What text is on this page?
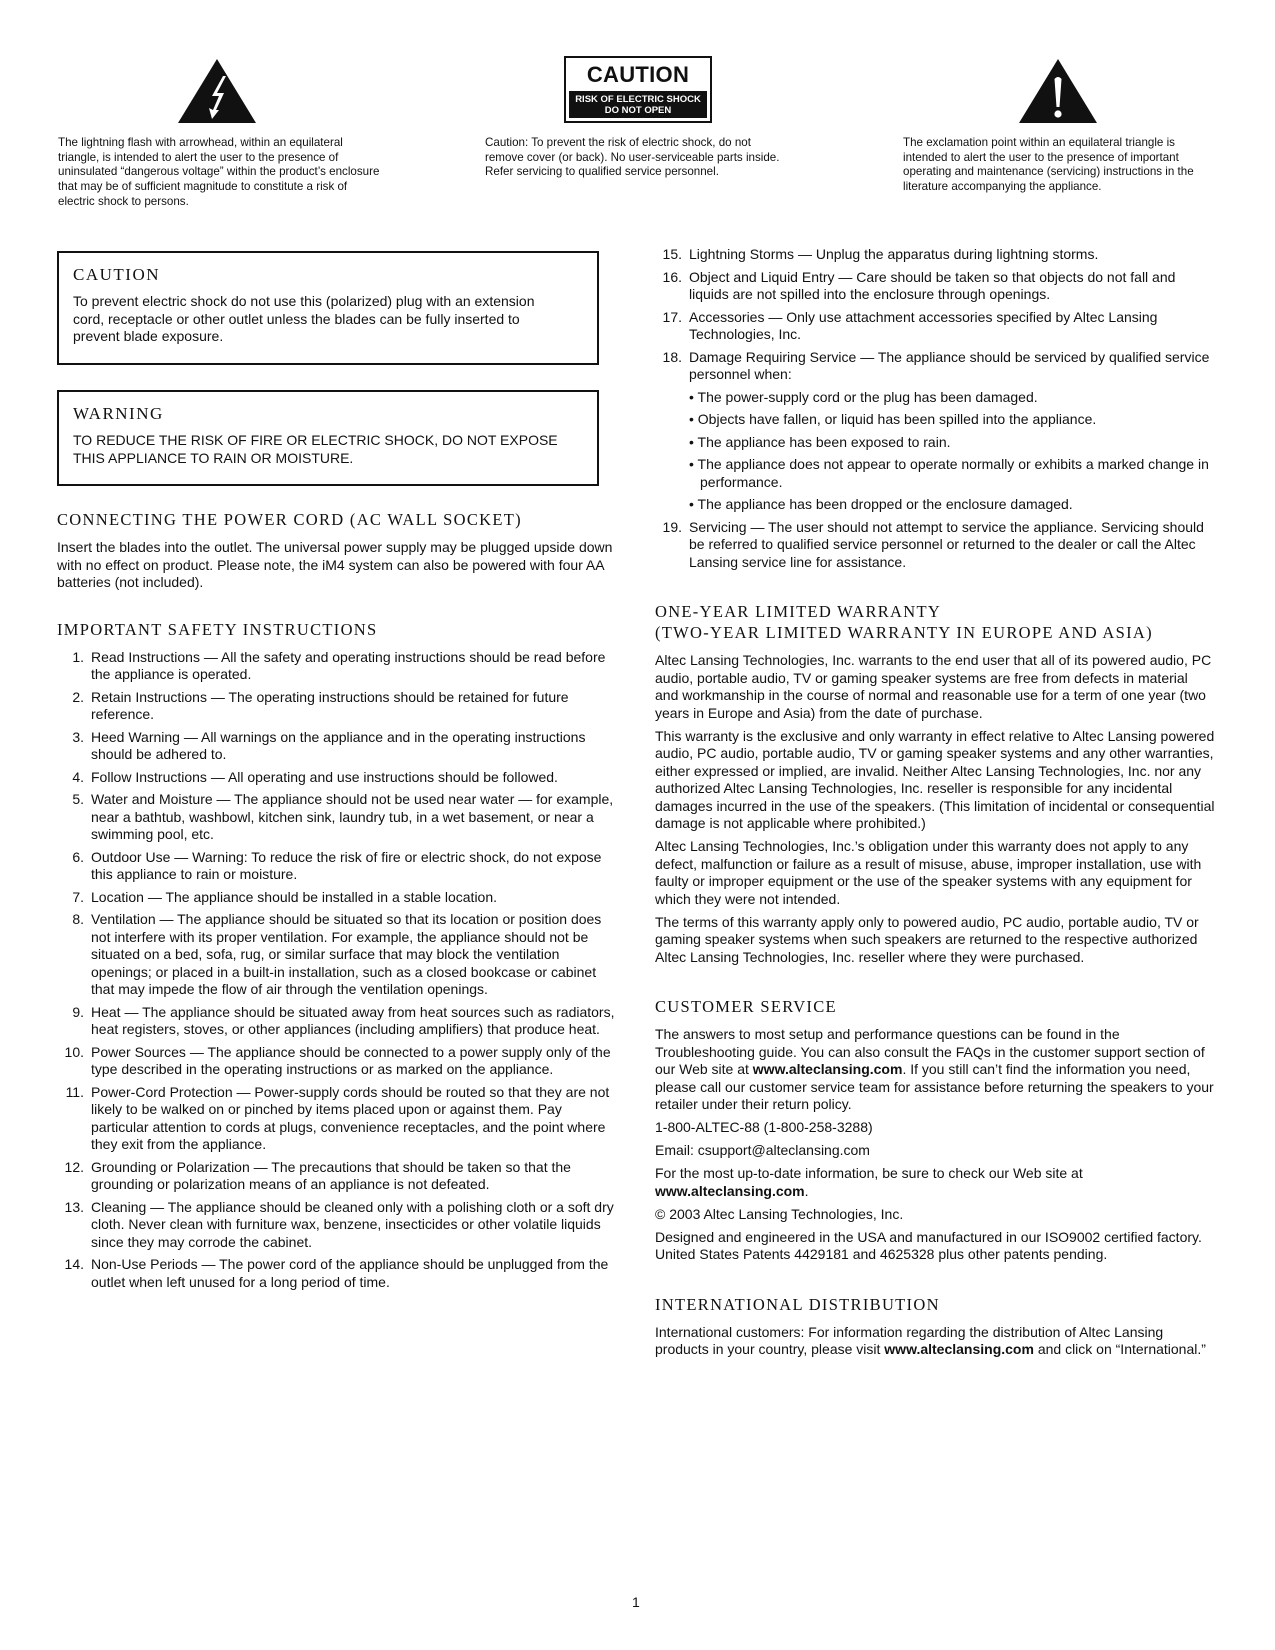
CAUTION
RISK OF ELECTRIC SHOCK
DO NOT OPEN

The lightning flash with arrowhead, within an equilateral triangle, is intended to alert the user to the presence of uninsulated “dangerous voltage” within the product’s enclosure that may be of sufficient magnitude to constitute a risk of electric shock to persons.

Caution: To prevent the risk of electric shock, do not remove cover (or back). No user-serviceable parts inside. Refer servicing to qualified service personnel.

The exclamation point within an equilateral triangle is intended to alert the user to the presence of important operating and maintenance (servicing) instructions in the literature accompanying the appliance.

CAUTION

To prevent electric shock do not use this (polarized) plug with an extension cord, receptacle or other outlet unless the blades can be fully inserted to prevent blade exposure.

WARNING

TO REDUCE THE RISK OF FIRE OR ELECTRIC SHOCK, DO NOT EXPOSE THIS APPLIANCE TO RAIN OR MOISTURE.

CONNECTING THE POWER CORD (AC WALL SOCKET)

Insert the blades into the outlet. The universal power supply may be plugged upside down with no effect on product. Please note, the iM4 system can also be powered with four AA batteries (not included).

IMPORTANT SAFETY INSTRUCTIONS
1. Read Instructions — All the safety and operating instructions should be read before the appliance is operated.
2. Retain Instructions — The operating instructions should be retained for future reference.
3. Heed Warning — All warnings on the appliance and in the operating instructions should be adhered to.
4. Follow Instructions — All operating and use instructions should be followed.
5. Water and Moisture — The appliance should not be used near water — for example, near a bathtub, washbowl, kitchen sink, laundry tub, in a wet basement, or near a swimming pool, etc.
6. Outdoor Use — Warning: To reduce the risk of fire or electric shock, do not expose this appliance to rain or moisture.
7. Location — The appliance should be installed in a stable location.
8. Ventilation — The appliance should be situated so that its location or position does not interfere with its proper ventilation. For example, the appliance should not be situated on a bed, sofa, rug, or similar surface that may block the ventilation openings; or placed in a built-in installation, such as a closed bookcase or cabinet that may impede the flow of air through the ventilation openings.
9. Heat — The appliance should be situated away from heat sources such as radiators, heat registers, stoves, or other appliances (including amplifiers) that produce heat.
10. Power Sources — The appliance should be connected to a power supply only of the type described in the operating instructions or as marked on the appliance.
11. Power-Cord Protection — Power-supply cords should be routed so that they are not likely to be walked on or pinched by items placed upon or against them. Pay particular attention to cords at plugs, convenience receptacles, and the point where they exit from the appliance.
12. Grounding or Polarization — The precautions that should be taken so that the grounding or polarization means of an appliance is not defeated.
13. Cleaning — The appliance should be cleaned only with a polishing cloth or a soft dry cloth. Never clean with furniture wax, benzene, insecticides or other volatile liquids since they may corrode the cabinet.
14. Non-Use Periods — The power cord of the appliance should be unplugged from the outlet when left unused for a long period of time.
15. Lightning Storms — Unplug the apparatus during lightning storms.
16. Object and Liquid Entry — Care should be taken so that objects do not fall and liquids are not spilled into the enclosure through openings.
17. Accessories — Only use attachment accessories specified by Altec Lansing Technologies, Inc.
18. Damage Requiring Service — The appliance should be serviced by qualified service personnel when:
• The power-supply cord or the plug has been damaged.
• Objects have fallen, or liquid has been spilled into the appliance.
• The appliance has been exposed to rain.
• The appliance does not appear to operate normally or exhibits a marked change in performance.
• The appliance has been dropped or the enclosure damaged.
19. Servicing — The user should not attempt to service the appliance. Servicing should be referred to qualified service personnel or returned to the dealer or call the Altec Lansing service line for assistance.
ONE-YEAR LIMITED WARRANTY
(TWO-YEAR LIMITED WARRANTY IN EUROPE AND ASIA)

Altec Lansing Technologies, Inc. warrants to the end user that all of its powered audio, PC audio, portable audio, TV or gaming speaker systems are free from defects in material and workmanship in the course of normal and reasonable use for a term of one year (two years in Europe and Asia) from the date of purchase.

This warranty is the exclusive and only warranty in effect relative to Altec Lansing powered audio, PC audio, portable audio, TV or gaming speaker systems and any other warranties, either expressed or implied, are invalid. Neither Altec Lansing Technologies, Inc. nor any authorized Altec Lansing Technologies, Inc. reseller is responsible for any incidental damages incurred in the use of the speakers. (This limitation of incidental or consequential damage is not applicable where prohibited.)

Altec Lansing Technologies, Inc.’s obligation under this warranty does not apply to any defect, malfunction or failure as a result of misuse, abuse, improper installation, use with faulty or improper equipment or the use of the speaker systems with any equipment for which they were not intended.

The terms of this warranty apply only to powered audio, PC audio, portable audio, TV or gaming speaker systems when such speakers are returned to the respective authorized Altec Lansing Technologies, Inc. reseller where they were purchased.

CUSTOMER SERVICE

The answers to most setup and performance questions can be found in the Troubleshooting guide. You can also consult the FAQs in the customer support section of our Web site at www.alteclansing.com. If you still can’t find the information you need, please call our customer service team for assistance before returning the speakers to your retailer under their return policy.

1-800-ALTEC-88 (1-800-258-3288)

Email: csupport@alteclansing.com

For the most up-to-date information, be sure to check our Web site at www.alteclansing.com.

© 2003 Altec Lansing Technologies, Inc.

Designed and engineered in the USA and manufactured in our ISO9002 certified factory. United States Patents 4429181 and 4625328 plus other patents pending.

INTERNATIONAL DISTRIBUTION

International customers: For information regarding the distribution of Altec Lansing products in your country, please visit www.alteclansing.com and click on “International.”

1
